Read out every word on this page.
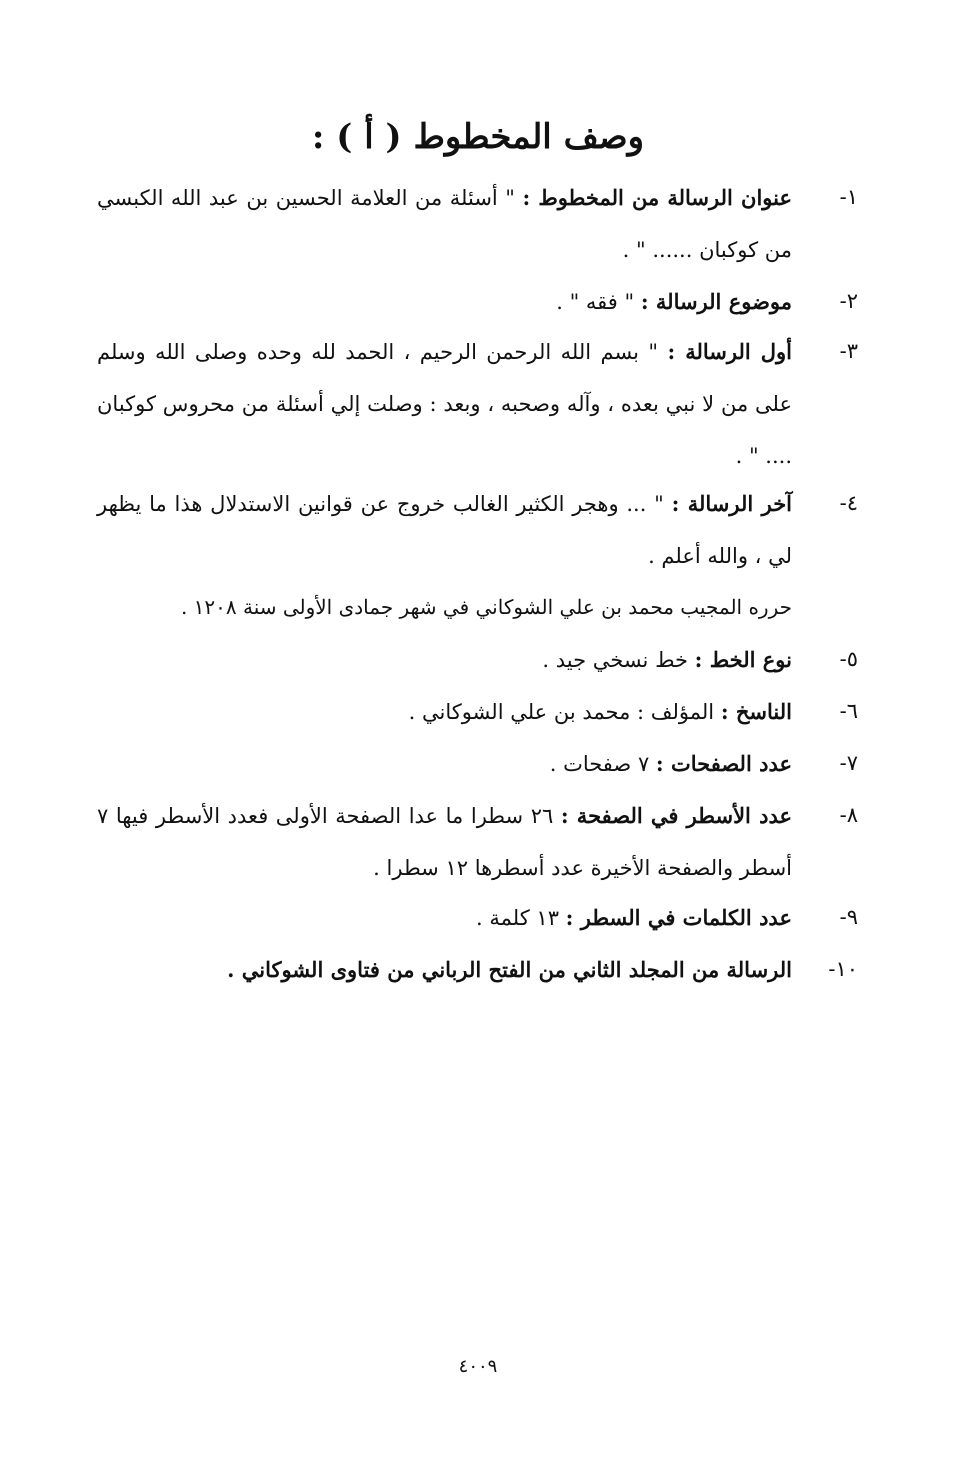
وصف المخطوط ( أ ) :
١-
عنوان الرسالة من المخطوط : " أسئلة من العلامة الحسين بن عبد الله الكبسي من كوكبان ...... " .
٢-
موضوع الرسالة : " فقه " .
٣-
أول الرسالة : " بسم الله الرحمن الرحيم ، الحمد لله وحده وصلى الله وسلم على من لا نبي بعده ، وآله وصحبه ، وبعد : وصلت إلي أسئلة من محروس كوكبان .... " .
٤-
آخر الرسالة : " ... وهجر الكثير الغالب خروج عن قوانين الاستدلال هذا ما يظهر لي ، والله أعلم .
حرره المجيب محمد بن علي الشوكاني في شهر جمادى الأولى سنة ١٢٠٨ .
٥-
نوع الخط : خط نسخي جيد .
٦-
الناسخ : المؤلف : محمد بن علي الشوكاني .
٧-
عدد الصفحات : ٧ صفحات .
٨-
عدد الأسطر في الصفحة : ٢٦ سطرا ما عدا الصفحة الأولى فعدد الأسطر فيها ٧ أسطر والصفحة الأخيرة عدد أسطرها ١٢ سطرا .
٩-
عدد الكلمات في السطر : ١٣ كلمة .
١٠-
الرسالة من المجلد الثاني من الفتح الرباني من فتاوى الشوكاني .
٤٠٠٩
